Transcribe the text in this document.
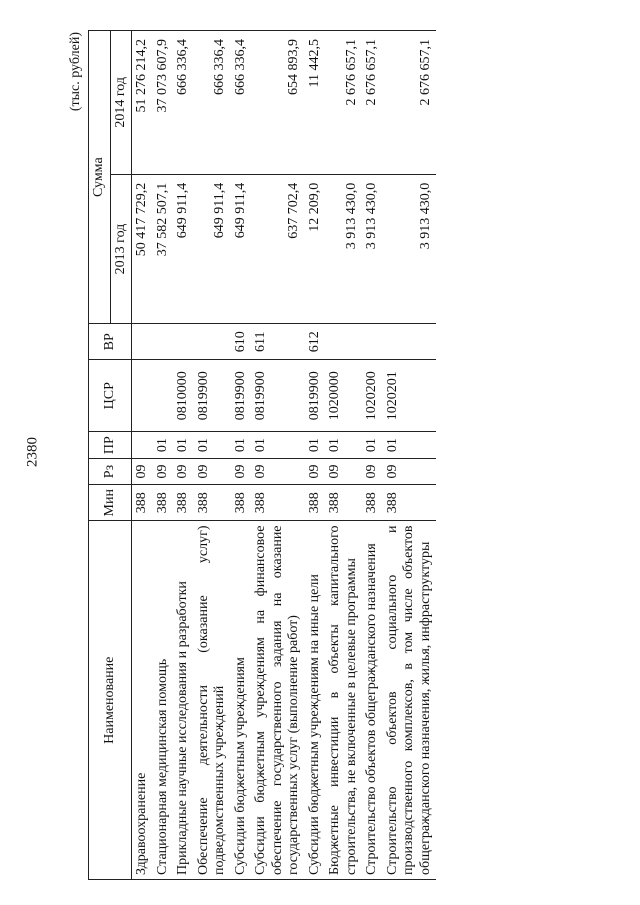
2380
(тыс. рублей)
Наименование	Мин	Рз	ПР	ЦСР	ВР	Сумма	
						2013 год	2014 год
Здравоохранение	388	09				50 417 729,2	51 276 214,2
Стационарная медицинская помощь	388	09	01			37 582 507,1	37 073 607,9
Прикладные научные исследования и разработки	388	09	01	0810000		649 911,4	666 336,4
Обеспечение деятельности (оказание услуг) подведомственных учреждений	388	09	01	0819900		649 911,4	666 336,4
Субсидии бюджетным учреждениям	388	09	01	0819900	610	649 911,4	666 336,4
Субсидии бюджетным учреждениям на финансовое обеспечение государственного задания на оказание государственных услуг (выполнение работ)	388	09	01	0819900	611	637 702,4	654 893,9
Субсидии бюджетным учреждениям на иные цели	388	09	01	0819900	612	12 209,0	11 442,5
Бюджетные инвестиции в объекты капитального строительства, не включенные в целевые программы	388	09	01	1020000		3 913 430,0	2 676 657,1
Строительство объектов общегражданского назначения	388	09	01	1020200		3 913 430,0	2 676 657,1
Строительство объектов социального и производственного комплексов, в том числе объектов общегражданского назначения, жилья, инфраструктуры	388	09	01	1020201		3 913 430,0	2 676 657,1
